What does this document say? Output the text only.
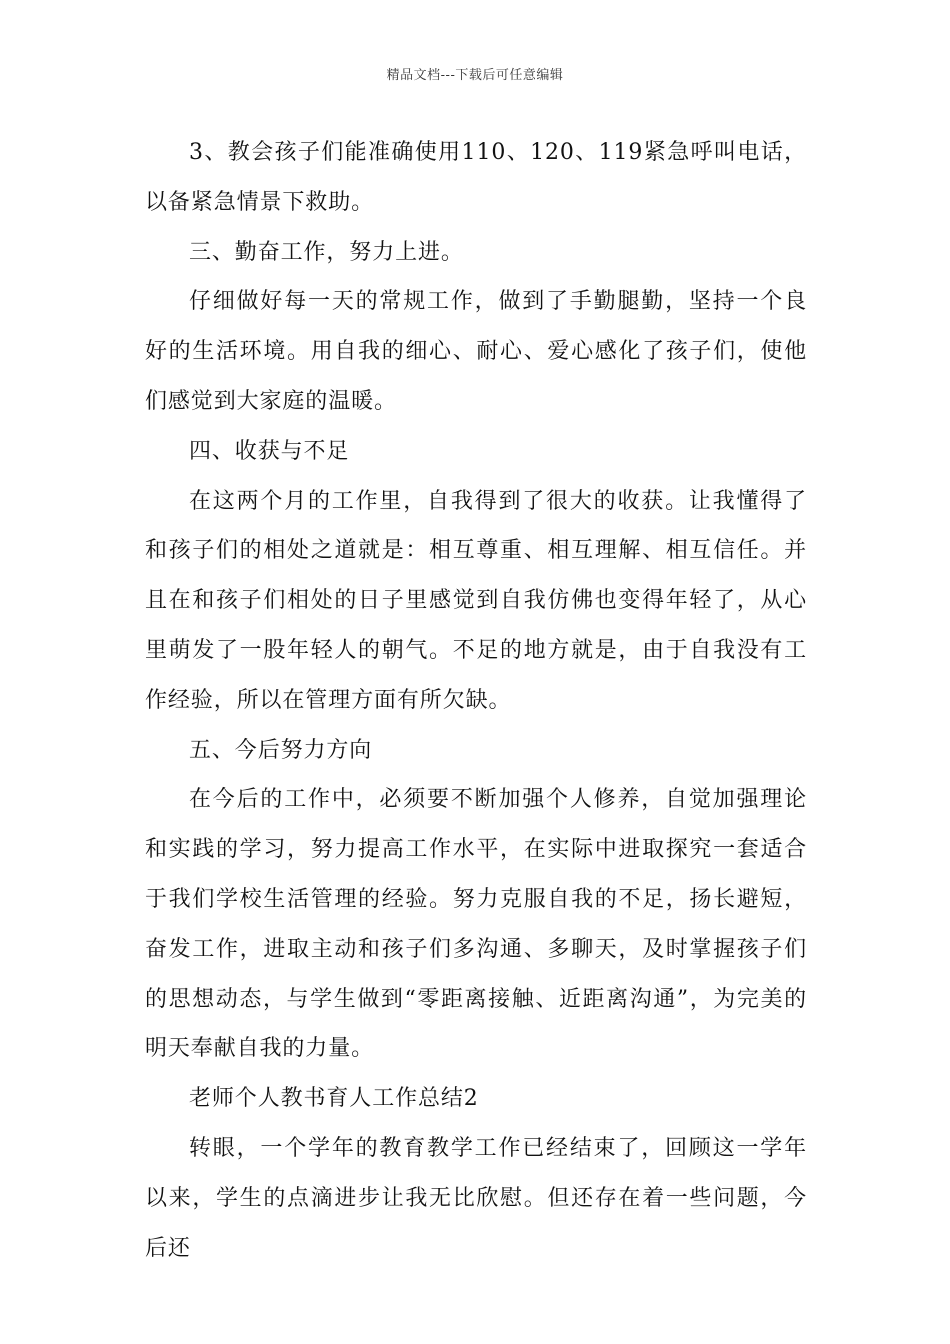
精品文档---下载后可任意编辑

3、教会孩子们能准确使用110、120、119紧急呼叫电话，以备紧急情景下救助。

三、勤奋工作，努力上进。

仔细做好每一天的常规工作，做到了手勤腿勤，坚持一个良好的生活环境。用自我的细心、耐心、爱心感化了孩子们，使他们感觉到大家庭的温暖。

四、收获与不足

在这两个月的工作里，自我得到了很大的收获。让我懂得了和孩子们的相处之道就是：相互尊重、相互理解、相互信任。并且在和孩子们相处的日子里感觉到自我仿佛也变得年轻了，从心里萌发了一股年轻人的朝气。不足的地方就是，由于自我没有工作经验，所以在管理方面有所欠缺。

五、今后努力方向

在今后的工作中，必须要不断加强个人修养，自觉加强理论和实践的学习，努力提高工作水平，在实际中进取探究一套适合于我们学校生活管理的经验。努力克服自我的不足，扬长避短，奋发工作，进取主动和孩子们多沟通、多聊天，及时掌握孩子们的思想动态，与学生做到“零距离接触、近距离沟通”，为完美的明天奉献自我的力量。

老师个人教书育人工作总结2

转眼，一个学年的教育教学工作已经结束了，回顾这一学年以来，学生的点滴进步让我无比欣慰。但还存在着一些问题，今后还
